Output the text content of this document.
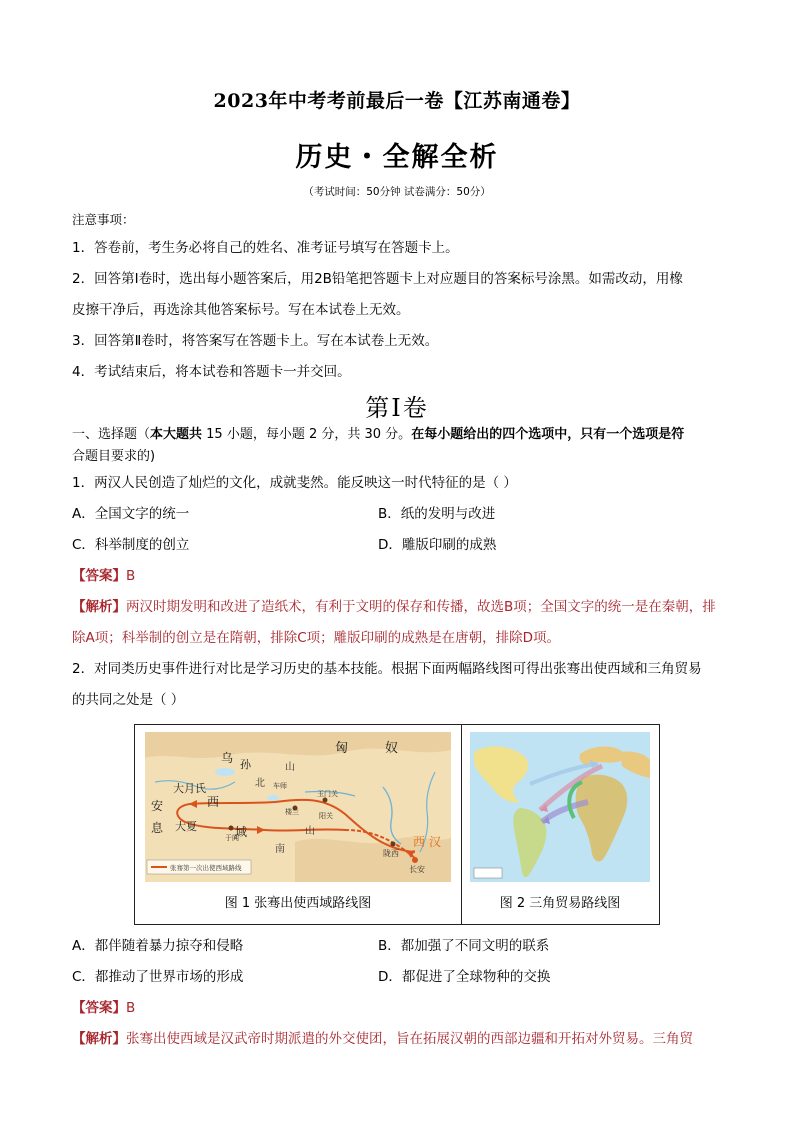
2023年中考考前最后一卷【江苏南通卷】
历史・全解全析
（考试时间：50分钟 试卷满分：50分）
注意事项：
1．答卷前，考生务必将自己的姓名、准考证号填写在答题卡上。
2．回答第Ⅰ卷时，选出每小题答案后，用2B铅笔把答题卡上对应题目的答案标号涂黑。如需改动，用橡
皮擦干净后，再选涂其他答案标号。写在本试卷上无效。
3．回答第Ⅱ卷时，将答案写在答题卡上。写在本试卷上无效。
4．考试结束后，将本试卷和答题卡一并交回。
第Ⅰ卷
一、选择题（本大题共 15 小题，每小题 2 分，共 30 分。在每小题给出的四个选项中，只有一个选项是符
合题目要求的)
1．两汉人民创造了灿烂的文化，成就斐然。能反映这一时代特征的是（ ）
A．全国文字的统一	B．纸的发明与改进
C．科举制度的创立	D．雕版印刷的成熟
【答案】B
【解析】两汉时期发明和改进了造纸术，有利于文明的保存和传播，故选B项；全国文字的统一是在秦朝，排除A项；科举制的创立是在隋朝，排除C项；雕版印刷的成熟是在唐朝，排除D项。
2．对同类历史事件进行对比是学习历史的基本技能。根据下面两幅路线图可得出张骞出使西域和三角贸易
的共同之处是（ ）
乌 孙
匈	奴
山
大月氏
西
域
安
息 大夏
南
山
北 车师
楼兰
玉门关
阳关
于阗
陇西
长安
西 汉
张骞第一次出使西域路线
图 1 张骞出使西域路线图	图 2 三角贸易路线图
A．都伴随着暴力掠夺和侵略	B．都加强了不同文明的联系
C．都推动了世界市场的形成	D．都促进了全球物种的交换
【答案】B
【解析】张骞出使西域是汉武帝时期派遣的外交使团，旨在拓展汉朝的西部边疆和开拓对外贸易。三角贸
